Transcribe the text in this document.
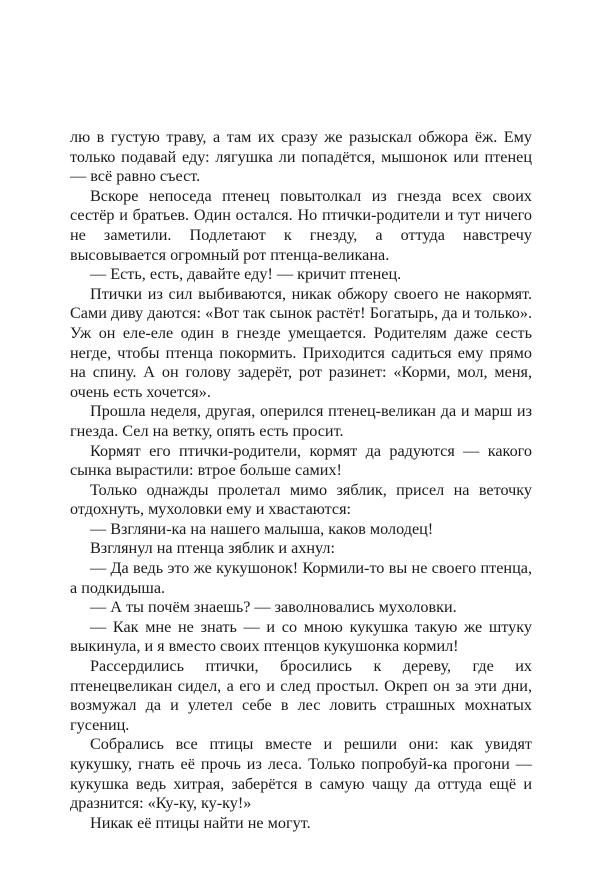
лю в густую траву, а там их сразу же разыскал обжора ёж. Ему только подавай еду: лягушка ли попадётся, мышонок или птенец — всё равно съест.

Вскоре непоседа птенец повытолкал из гнезда всех своих сестёр и братьев. Один остался. Но птички-родители и тут ничего не заметили. Подлетают к гнезду, а оттуда навстречу высовывается огромный рот птенца-великана.

— Есть, есть, давайте еду! — кричит птенец.

Птички из сил выбиваются, никак обжору своего не накормят. Сами диву даются: «Вот так сынок растёт! Богатырь, да и только». Уж он еле-еле один в гнезде умещается. Родителям даже сесть негде, чтобы птенца покормить. Приходится садиться ему прямо на спину. А он голову задерёт, рот разинет: «Корми, мол, меня, очень есть хочется».

Прошла неделя, другая, оперился птенец-великан да и марш из гнезда. Сел на ветку, опять есть просит.

Кормят его птички-родители, кормят да радуются — какого сынка вырастили: втрое больше самих!

Только однажды пролетал мимо зяблик, присел на веточку отдохнуть, мухоловки ему и хвастаются:

— Взгляни-ка на нашего малыша, каков молодец!

Взглянул на птенца зяблик и ахнул:

— Да ведь это же кукушонок! Кормили-то вы не своего птенца, а подкидыша.

— А ты почём знаешь? — заволновались мухоловки.

— Как мне не знать — и со мною кукушка такую же штуку выкинула, и я вместо своих птенцов кукушонка кормил!

Рассердились птички, бросились к дереву, где их птенецвеликан сидел, а его и след простыл. Окреп он за эти дни, возмужал да и улетел себе в лес ловить страшных мохнатых гусениц.

Собрались все птицы вместе и решили они: как увидят кукушку, гнать её прочь из леса. Только попробуй-ка прогони — кукушка ведь хитрая, заберётся в самую чащу да оттуда ещё и дразнится: «Ку-ку, ку-ку!»

Никак её птицы найти не могут.
